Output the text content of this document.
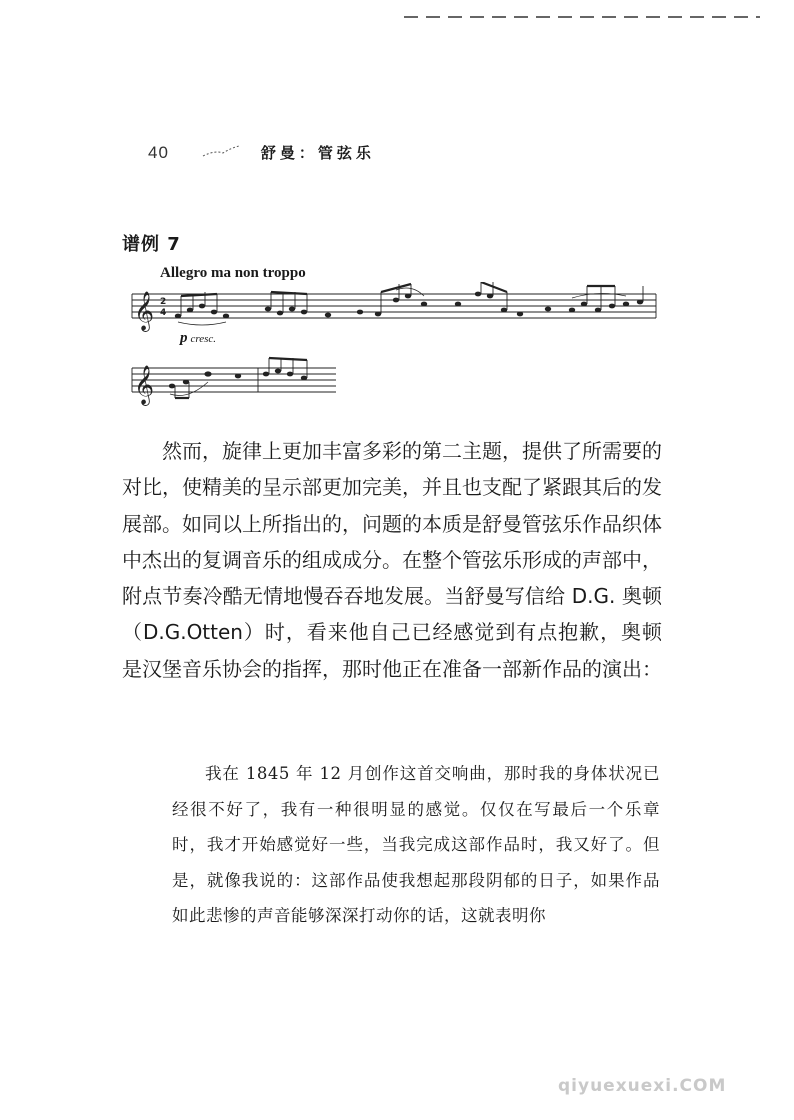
40	舒曼：管弦乐
谱例 7
Allegro ma non troppo
𝄞 2
4
p cresc.
𝄞

然而，旋律上更加丰富多彩的第二主题，提供了所需要的对比，使精美的呈示部更加完美，并且也支配了紧跟其后的发展部。如同以上所指出的，问题的本质是舒曼管弦乐作品织体中杰出的复调音乐的组成成分。在整个管弦乐形成的声部中，附点节奏冷酷无情地慢吞吞地发展。当舒曼写信给 D.G. 奥顿（D.G.Otten）时，看来他自己已经感觉到有点抱歉，奥顿是汉堡音乐协会的指挥，那时他正在准备一部新作品的演出：

我在 1845 年 12 月创作这首交响曲，那时我的身体状况已经很不好了，我有一种很明显的感觉。仅仅在写最后一个乐章时，我才开始感觉好一些，当我完成这部作品时，我又好了。但是，就像我说的：这部作品使我想起那段阴郁的日子，如果作品如此悲惨的声音能够深深打动你的话，这就表明你

qiyuexuexi.COM
